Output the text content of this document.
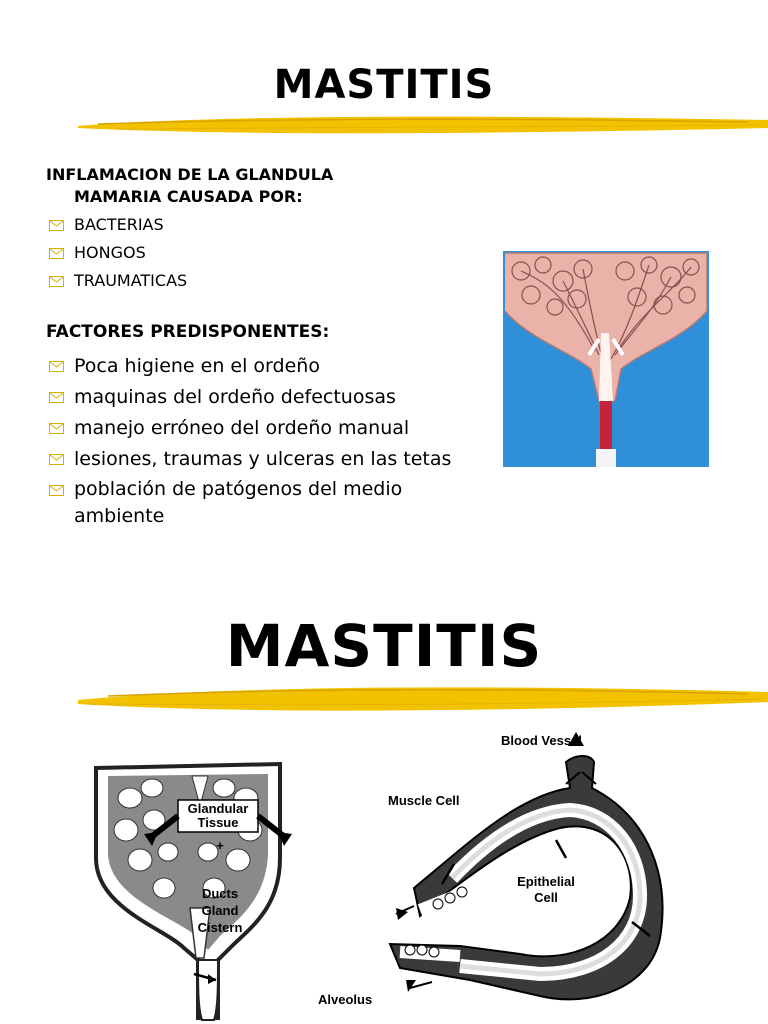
MASTITIS

INFLAMACION DE LA GLANDULA

MAMARIA CAUSADA POR:

BACTERIAS
HONGOS
TRAUMATICAS

FACTORES PREDISPONENTES:

Poca higiene en el ordeño
maquinas del ordeño defectuosas
manejo erróneo del ordeño manual
lesiones, traumas y ulceras en las tetas
población de patógenos del medio ambiente
MASTITIS
Glandular
Tissue
+
Ducts
Gland
Cistern
Blood Vessel
Muscle Cell
Epithelial
Cell
Alveolus
